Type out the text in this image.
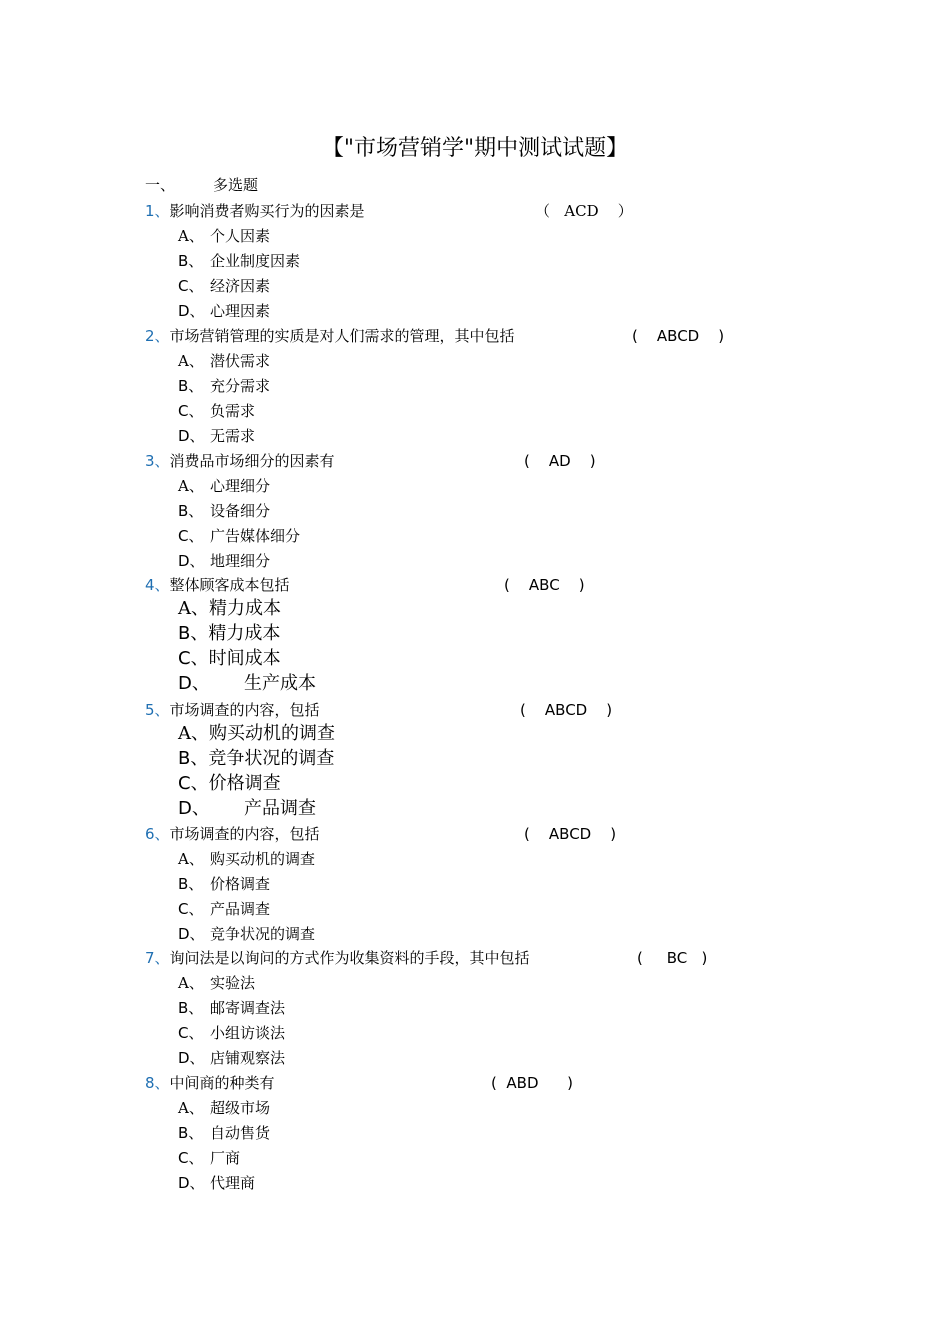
【"市场营销学"期中测试试题】
一、	多选题
1、影响消费者购买行为的因素是	（   ACD    ）
A、 个人因素
B、 企业制度因素
C、 经济因素
D、 心理因素
2、市场营销管理的实质是对人们需求的管理，其中包括	(    ABCD    )
A、 潜伏需求
B、 充分需求
C、 负需求
D、 无需求
3、消费品市场细分的因素有	(    AD    )
A、 心理细分
B、 设备细分
C、 广告媒体细分
D、 地理细分
4、整体顾客成本包括	(    ABC    )
A、精力成本
B、精力成本
C、时间成本
D、 生产成本
5、市场调查的内容，包括	(    ABCD    )
A、购买动机的调查
B、竞争状况的调查
C、价格调查
D、 产品调查
6、市场调查的内容，包括	(    ABCD    )
A、 购买动机的调查
B、 价格调查
C、 产品调查
D、 竞争状况的调查
7、询问法是以询问的方式作为收集资料的手段，其中包括	(     BC   )
A、 实验法
B、 邮寄调查法
C、 小组访谈法
D、 店铺观察法
8、中间商的种类有	(  ABD      )
A、 超级市场
B、 自动售货
C、 厂商
D、 代理商
